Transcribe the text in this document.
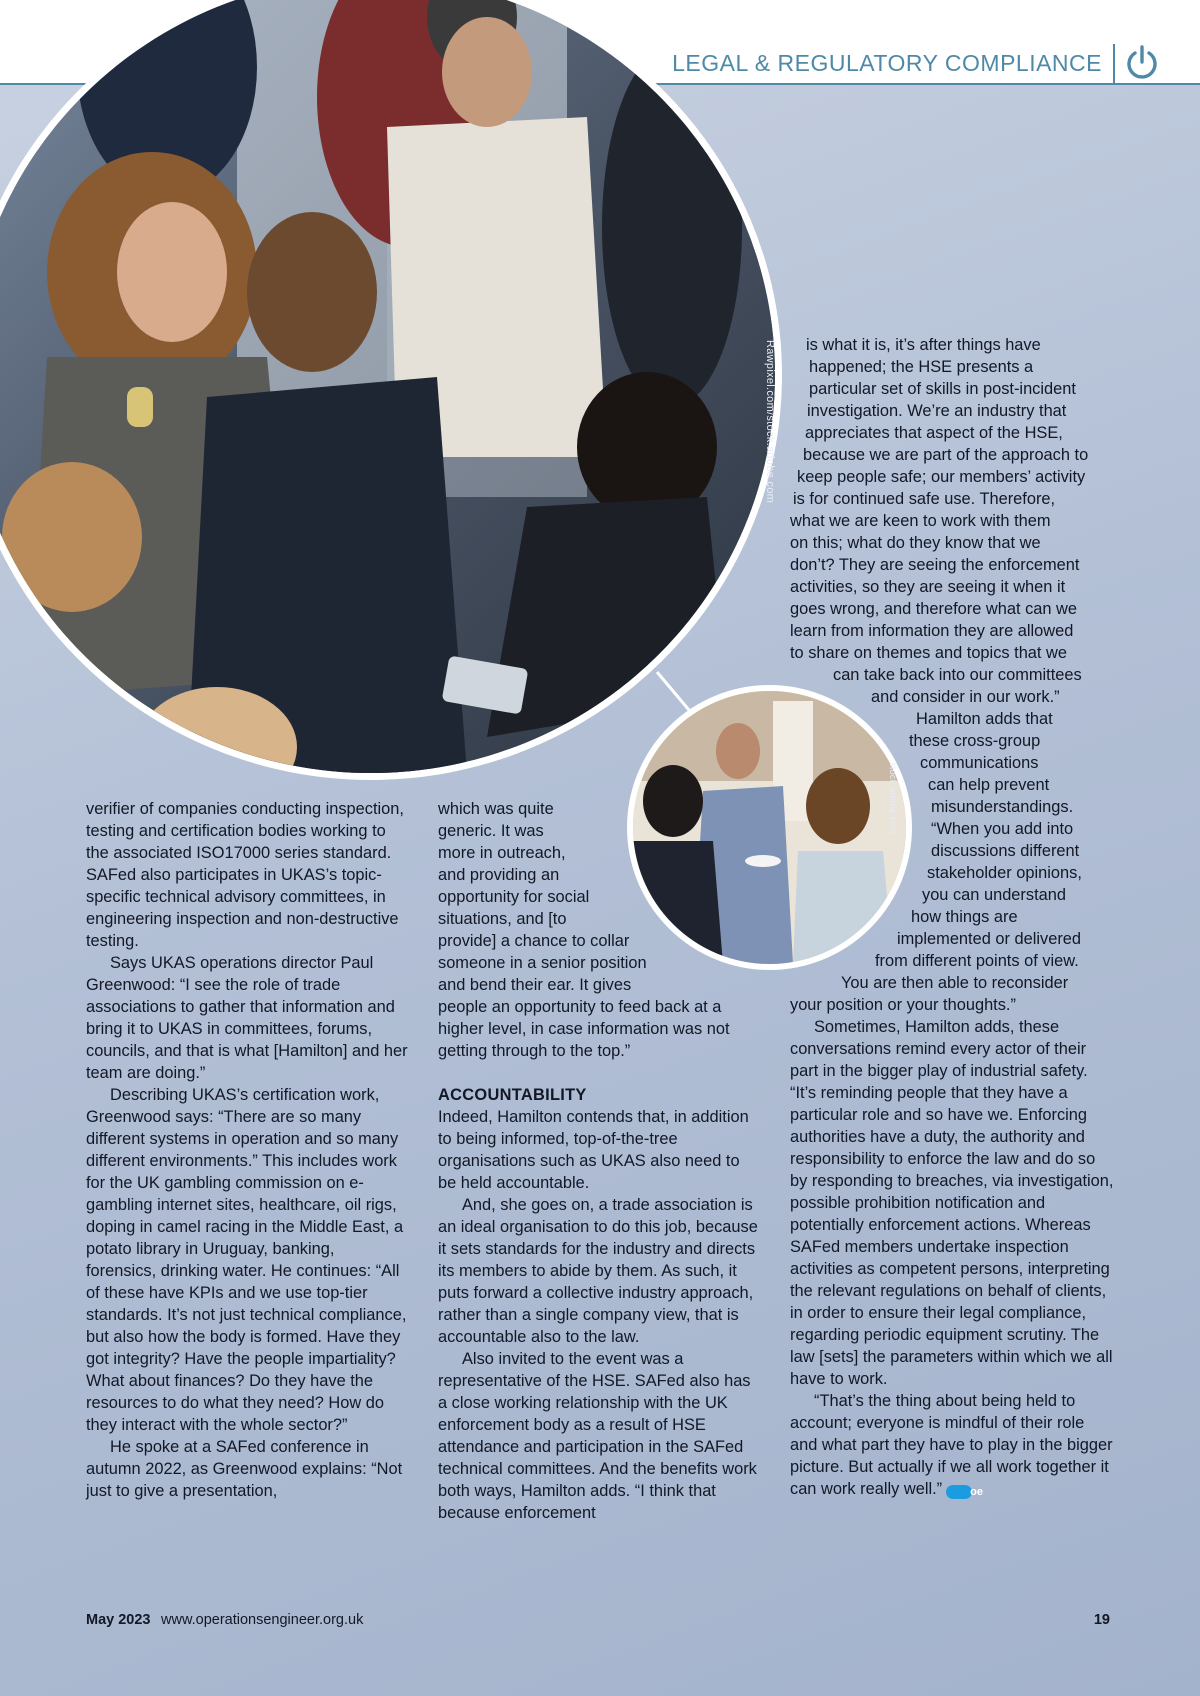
LEGAL & REGULATORY COMPLIANCE
Rawpixel.com/stock.adobe.com
stock.adobe.com

verifier of companies conducting inspection, testing and certification bodies working to the associated ISO17000 series standard. SAFed also participates in UKAS’s topic-specific technical advisory committees, in engineering inspection and non-destructive testing.

Says UKAS operations director Paul Greenwood: “I see the role of trade associations to gather that information and bring it to UKAS in committees, forums, councils, and that is what [Hamilton] and her team are doing.”

Describing UKAS’s certification work, Greenwood says: “There are so many different systems in operation and so many different environments.” This includes work for the UK gambling commission on e-gambling internet sites, healthcare, oil rigs, doping in camel racing in the Middle East, a potato library in Uruguay, banking, forensics, drinking water. He continues: “All of these have KPIs and we use top-tier standards. It’s not just technical compliance, but also how the body is formed. Have they got integrity? Have the people impartiality? What about finances? Do they have the resources to do what they need? How do they interact with the whole sector?”

He spoke at a SAFed conference in autumn 2022, as Greenwood explains: “Not just to give a presentation,

which was quite
generic. It was
more in outreach,
and providing an
opportunity for social
situations, and [to
provide] a chance to collar
someone in a senior position
and bend their ear. It gives

people an opportunity to feed back at a higher level, in case information was not getting through to the top.”

ACCOUNTABILITY

Indeed, Hamilton contends that, in addition to being informed, top-of-the-tree organisations such as UKAS also need to be held accountable.

And, she goes on, a trade association is an ideal organisation to do this job, because it sets standards for the industry and directs its members to abide by them. As such, it puts forward a collective industry approach, rather than a single company view, that is accountable also to the law.

Also invited to the event was a representative of the HSE. SAFed also has a close working relationship with the UK enforcement body as a result of HSE attendance and participation in the SAFed technical committees. And the benefits work both ways, Hamilton adds. “I think that because enforcement

is what it is, it’s after things have
happened; the HSE presents a
particular set of skills in post-incident
investigation. We’re an industry that
appreciates that aspect of the HSE,
because we are part of the approach to
keep people safe; our members’ activity
is for continued safe use. Therefore,
what we are keen to work with them
on this; what do they know that we
don’t? They are seeing the enforcement
activities, so they are seeing it when it
goes wrong, and therefore what can we
learn from information they are allowed
to share on themes and topics that we
can take back into our committees
and consider in our work.”
Hamilton adds that
these cross-group
communications
can help prevent
misunderstandings.
“When you add into
discussions different
stakeholder opinions,
you can understand
how things are
implemented or delivered
from different points of view.
You are then able to reconsider
your position or your thoughts.”

Sometimes, Hamilton adds, these conversations remind every actor of their part in the bigger play of industrial safety. “It’s reminding people that they have a particular role and so have we. Enforcing authorities have a duty, the authority and responsibility to enforce the law and do so by responding to breaches, via investigation, possible prohibition notification and potentially enforcement actions. Whereas SAFed members undertake inspection activities as competent persons, interpreting the relevant regulations on behalf of clients, in order to ensure their legal compliance, regarding periodic equipment scrutiny. The law [sets] the parameters within which we all have to work.

“That’s the thing about being held to account; everyone is mindful of their role and what part they have to play in the bigger picture. But actually if we all work together it can work really well.”	oe

May 2023 www.operationsengineer.org.uk	19
